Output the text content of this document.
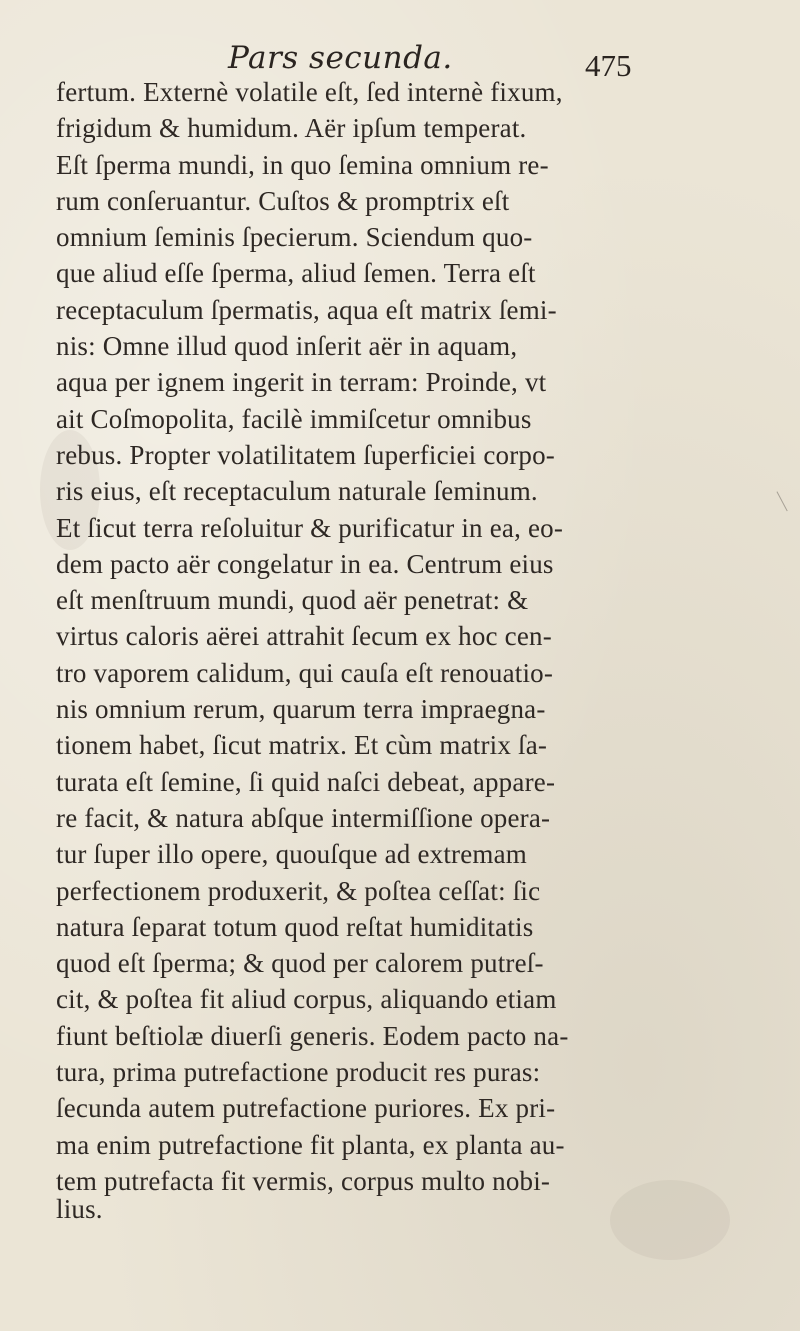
Pars secunda.	475
fertum. Externè volatile eſt, ſed internè fixum,
frigidum & humidum. Aër ipſum temperat.
Eſt ſperma mundi, in quo ſemina omnium re-
rum conſeruantur. Cuſtos & promptrix eſt
omnium ſeminis ſpecierum. Sciendum quo-
que aliud eſſe ſperma, aliud ſemen. Terra eſt
receptaculum ſpermatis, aqua eſt matrix ſemi-
nis: Omne illud quod inſerit aër in aquam,
aqua per ignem ingerit in terram: Proinde, vt
ait Coſmopolita, facilè immiſcetur omnibus
rebus. Propter volatilitatem ſuperficiei corpo-
ris eius, eſt receptaculum naturale ſeminum.
Et ſicut terra reſoluitur & purificatur in ea, eo-
dem pacto aër congelatur in ea. Centrum eius
eſt menſtruum mundi, quod aër penetrat: &
virtus caloris aërei attrahit ſecum ex hoc cen-
tro vaporem calidum, qui cauſa eſt renouatio-
nis omnium rerum, quarum terra impraegna-
tionem habet, ſicut matrix. Et cùm matrix ſa-
turata eſt ſemine, ſi quid naſci debeat, appare-
re facit, & natura abſque intermiſſione opera-
tur ſuper illo opere, quouſque ad extremam
perfectionem produxerit, & poſtea ceſſat: ſic
natura ſeparat totum quod reſtat humiditatis
quod eſt ſperma; & quod per calorem putreſ-
cit, & poſtea fit aliud corpus, aliquando etiam
fiunt beſtiolæ diuerſi generis. Eodem pacto na-
tura, prima putrefactione producit res puras:
ſecunda autem putrefactione puriores. Ex pri-
ma enim putrefactione fit planta, ex planta au-
tem putrefacta fit vermis, corpus multo nobi-
lius.
